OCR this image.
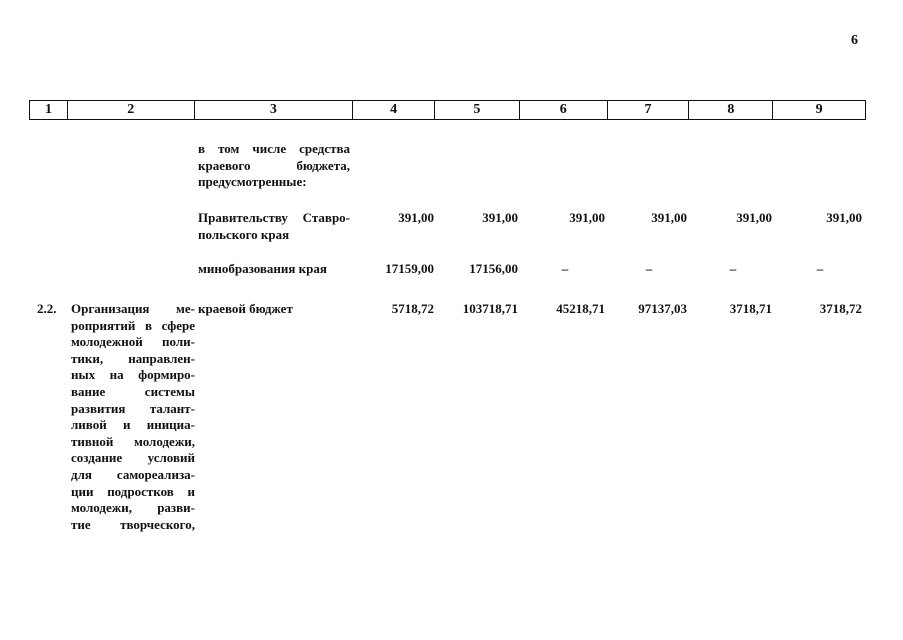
6
1	2	3	4	5	6	7	8	9
в том числе средства
краевого бюджета,
предусмотренные:
Правительству Ставро-
польского края
391,00	391,00	391,00	391,00	391,00	391,00
минобразования края	17159,00	17156,00	–	–	–	–
2.2. Организация ме-
роприятий в сфере
молодежной поли-
тики, направлен-
ных на формиро-
вание системы
развития талант-
ливой и инициа-
тивной молодежи,
создание условий
для самореализа-
ции подростков и
молодежи, разви-
тие творческого,
краевой бюджет	5718,72	103718,71	45218,71	97137,03	3718,71	3718,72
